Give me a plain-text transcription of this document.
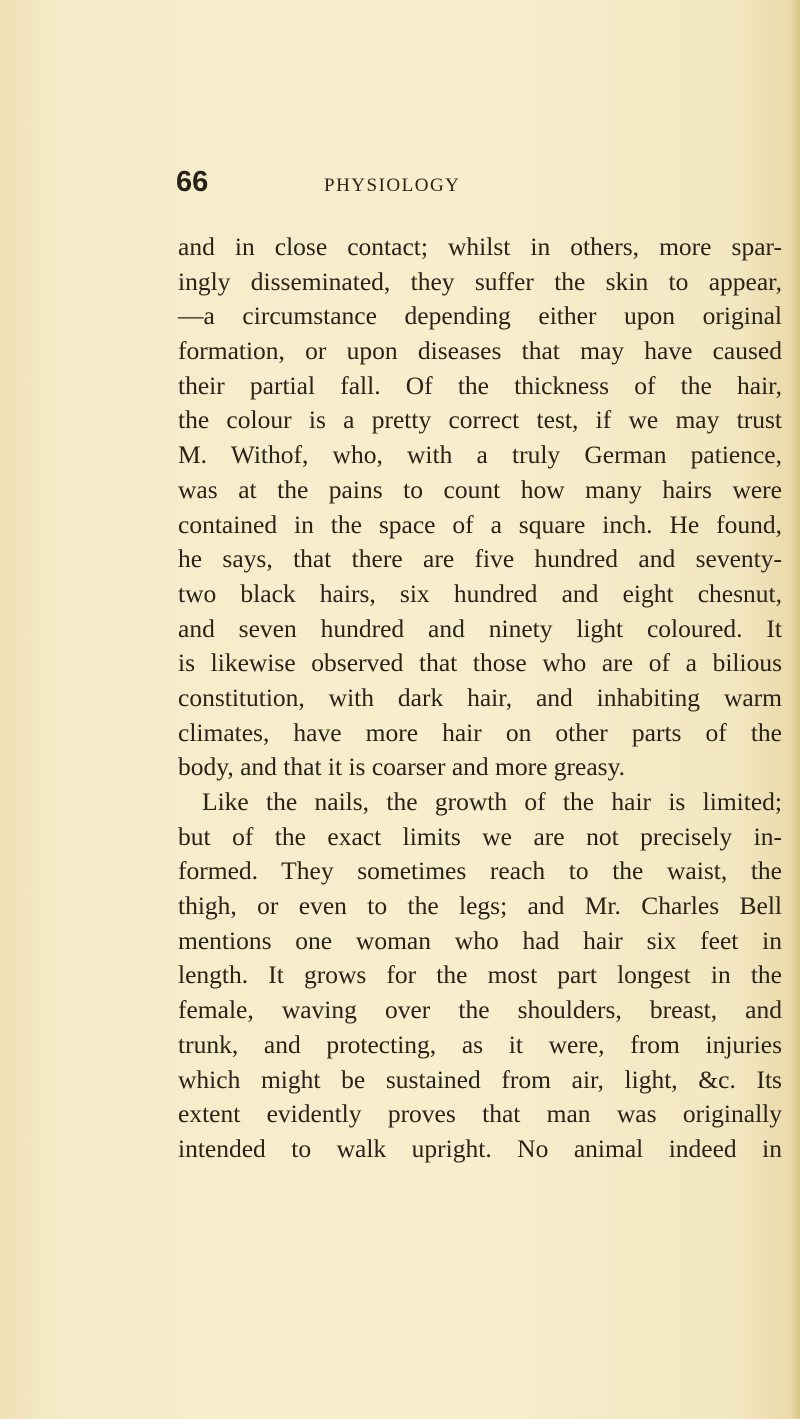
66	PHYSIOLOGY
and in close contact; whilst in others, more spar-
ingly disseminated, they suffer the skin to appear,
—a circumstance depending either upon original
formation, or upon diseases that may have caused
their partial fall. Of the thickness of the hair,
the colour is a pretty correct test, if we may trust
M. Withof, who, with a truly German patience,
was at the pains to count how many hairs were
contained in the space of a square inch. He found,
he says, that there are five hundred and seventy-
two black hairs, six hundred and eight chesnut,
and seven hundred and ninety light coloured. It
is likewise observed that those who are of a bilious
constitution, with dark hair, and inhabiting warm
climates, have more hair on other parts of the
body, and that it is coarser and more greasy.
Like the nails, the growth of the hair is limited;
but of the exact limits we are not precisely in-
formed. They sometimes reach to the waist, the
thigh, or even to the legs; and Mr. Charles Bell
mentions one woman who had hair six feet in
length. It grows for the most part longest in the
female, waving over the shoulders, breast, and
trunk, and protecting, as it were, from injuries
which might be sustained from air, light, &c. Its
extent evidently proves that man was originally
intended to walk upright. No animal indeed in
